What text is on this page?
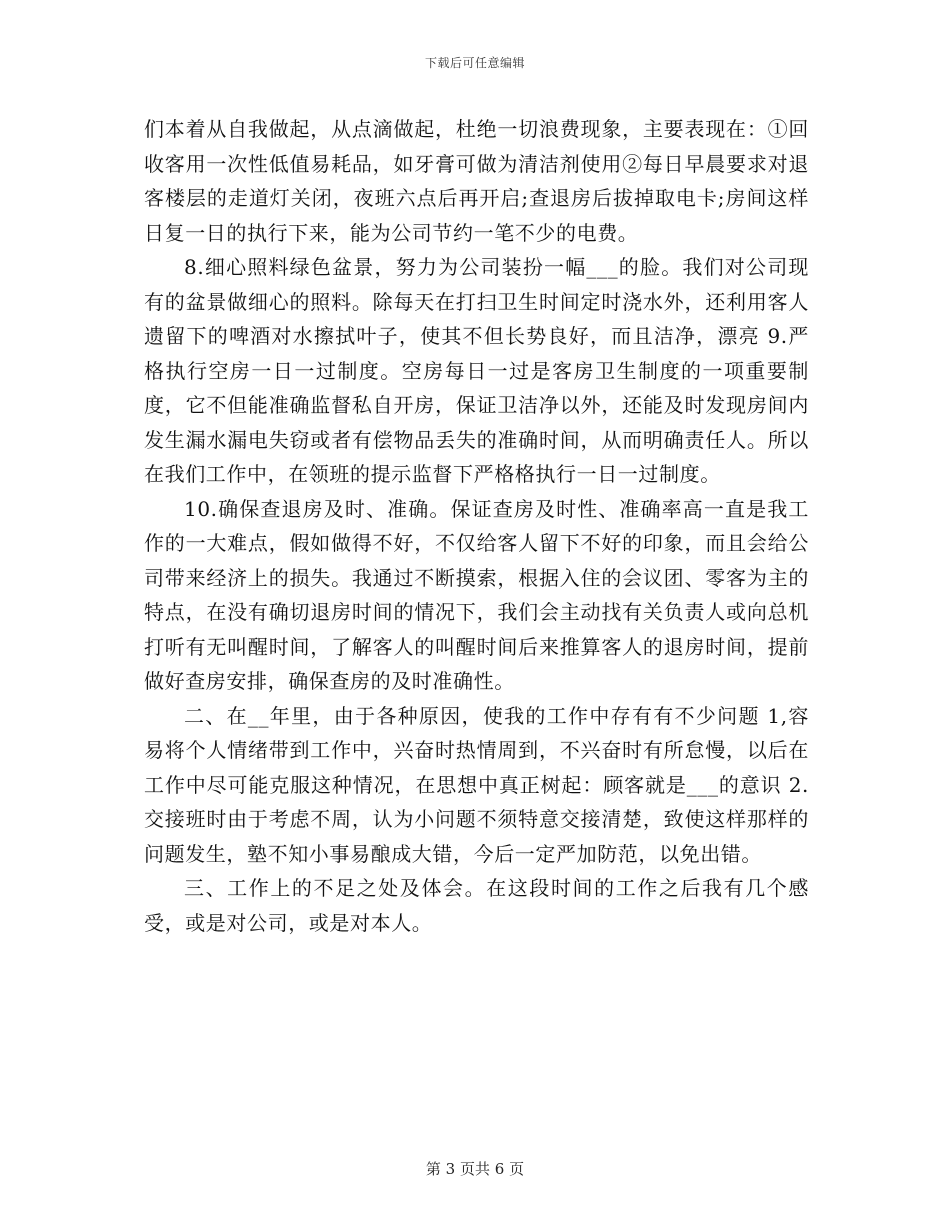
下载后可任意编辑

们本着从自我做起，从点滴做起，杜绝一切浪费现象，主要表现在：①回收客用一次性低值易耗品，如牙膏可做为清洁剂使用②每日早晨要求对退客楼层的走道灯关闭，夜班六点后再开启;查退房后拔掉取电卡;房间这样日复一日的执行下来，能为公司节约一笔不少的电费。

8.细心照料绿色盆景，努力为公司装扮一幅___的脸。我们对公司现有的盆景做细心的照料。除每天在打扫卫生时间定时浇水外，还利用客人遗留下的啤酒对水擦拭叶子，使其不但长势良好，而且洁净，漂亮 9.严格执行空房一日一过制度。空房每日一过是客房卫生制度的一项重要制度，它不但能准确监督私自开房，保证卫洁净以外，还能及时发现房间内发生漏水漏电失窃或者有偿物品丢失的准确时间，从而明确责任人。所以在我们工作中，在领班的提示监督下严格格执行一日一过制度。

10.确保查退房及时、准确。保证查房及时性、准确率高一直是我工作的一大难点，假如做得不好，不仅给客人留下不好的印象，而且会给公司带来经济上的损失。我通过不断摸索，根据入住的会议团、零客为主的特点，在没有确切退房时间的情况下，我们会主动找有关负责人或向总机打听有无叫醒时间，了解客人的叫醒时间后来推算客人的退房时间，提前做好查房安排，确保查房的及时准确性。

二、在__年里，由于各种原因，使我的工作中存有有不少问题 1,容易将个人情绪带到工作中，兴奋时热情周到，不兴奋时有所怠慢，以后在工作中尽可能克服这种情况，在思想中真正树起：顾客就是___的意识 2.交接班时由于考虑不周，认为小问题不须特意交接清楚，致使这样那样的问题发生，塾不知小事易酿成大错，今后一定严加防范，以免出错。

三、工作上的不足之处及体会。在这段时间的工作之后我有几个感受，或是对公司，或是对本人。

第 3 页共 6 页
